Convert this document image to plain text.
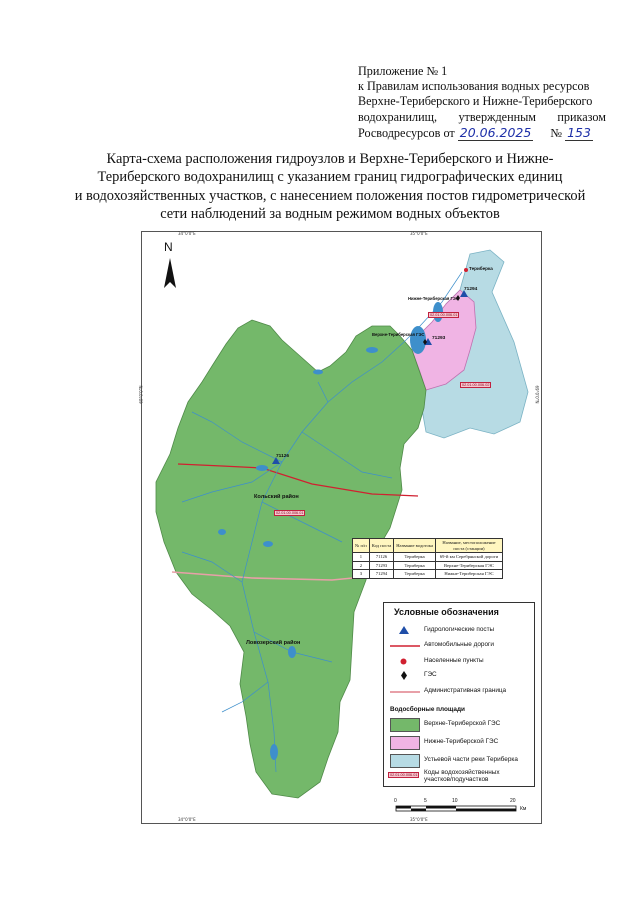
Приложение № 1
к Правилам использования водных ресурсов
Верхне-Териберского и Нижне-Териберского
водохранилищ, утвержденным приказом
Росводресурсов от 20.06.2025 № 153
Карта-схема расположения гидроузлов и Верхне-Териберского и Нижне-
Териберского водохранилищ с указанием границ гидрографических единиц
и водохозяйственных участков, с нанесением положения постов гидрометрической
сети наблюдений за водным режимом водных объектов
34°0'0"E	35°0'0"E
34°0'0"E	35°0'0"E
69°0'0"N	69°0'0"N
Териберка
71294
Нижне-Териберская ГЭС
71293
Верхне-Териберская ГЭС
71126
Кольский район
Ловозерский район
02.01.00.006.01
02.01.00.006.02
02.01.00.006.01
N
№ п/п	Код поста	Название водотока	Название, местоположение поста (станции)
1	71126	Териберка	69-й км Серебрянской дороги
2	71293	Териберка	Верхне-Териберская ГЭС
3	71294	Териберка	Нижне-Териберская ГЭС
Условные обозначения
Гидрологические посты
Автомобильные дороги
Населенные пункты
ГЭС
Административная граница
Водосборные площади
Верхне-Териберской ГЭС
Нижне-Териберской ГЭС
Устьевой части реки Териберка
02.01.00.006.01	Коды водохозяйственных
участков/подучастков
0	5	10	20
Км
